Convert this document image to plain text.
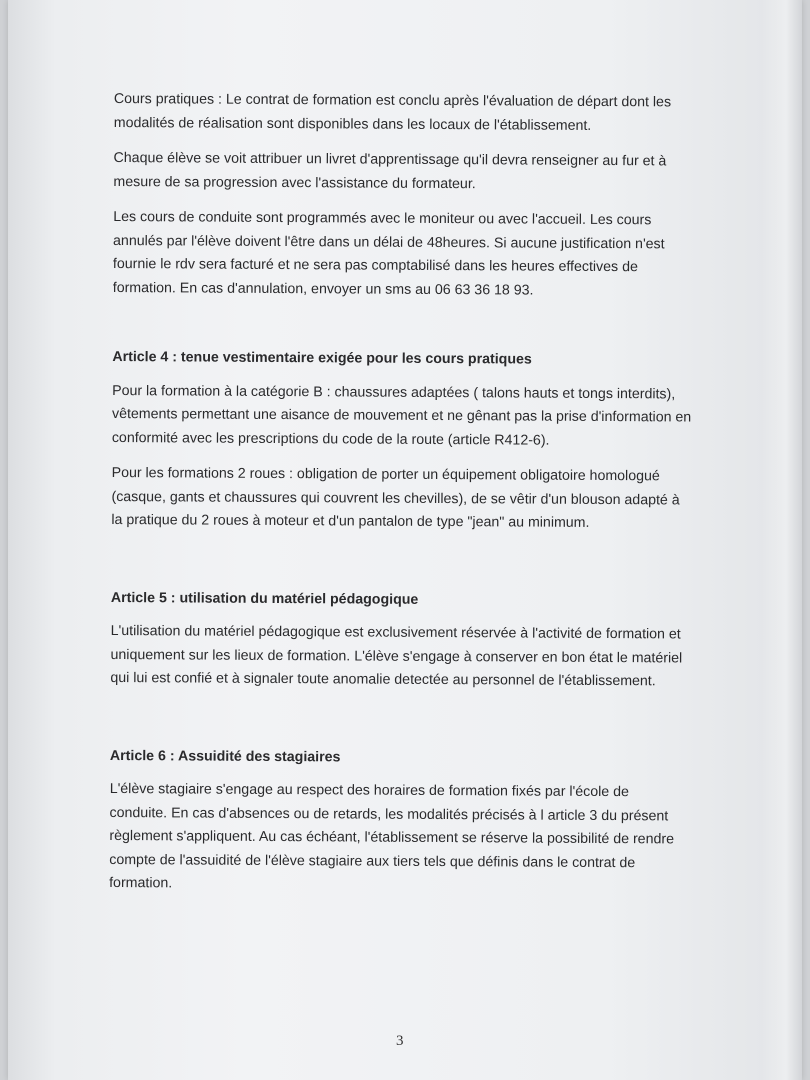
Cours pratiques : Le contrat de formation est conclu après l'évaluation de départ dont les modalités de réalisation sont disponibles dans les locaux de l'établissement.

Chaque élève se voit attribuer un livret d'apprentissage qu'il devra renseigner au fur et à mesure de sa progression avec l'assistance du formateur.

Les cours de conduite sont programmés avec le moniteur ou avec l'accueil. Les cours annulés par l'élève doivent l'être dans un délai de 48heures. Si aucune justification n'est fournie le rdv sera facturé et ne sera pas comptabilisé dans les heures effectives de formation. En cas d'annulation, envoyer un sms au 06 63 36 18 93.

Article 4 : tenue vestimentaire exigée pour les cours pratiques

Pour la formation à la catégorie B : chaussures adaptées ( talons hauts et tongs interdits), vêtements permettant une aisance de mouvement et ne gênant pas la prise d'information en conformité avec les prescriptions du code de la route (article R412-6).

Pour les formations 2 roues : obligation de porter un équipement obligatoire homologué (casque, gants et chaussures qui couvrent les chevilles), de se vêtir d'un blouson adapté à la pratique du 2 roues à moteur et d'un pantalon de type "jean" au minimum.

Article 5 : utilisation du matériel pédagogique

L'utilisation du matériel pédagogique est exclusivement réservée à l'activité de formation et uniquement sur les lieux de formation. L'élève s'engage à conserver en bon état le matériel qui lui est confié et à signaler toute anomalie detectée au personnel de l'établissement.

Article 6 : Assuidité des stagiaires

L'élève stagiaire s'engage au respect des horaires de formation fixés par l'école de conduite. En cas d'absences ou de retards, les modalités précisés à l article 3 du présent règlement s'appliquent. Au cas échéant, l'établissement se réserve la possibilité de rendre compte de l'assuidité de l'élève stagiaire aux tiers tels que définis dans le contrat de formation.

3
